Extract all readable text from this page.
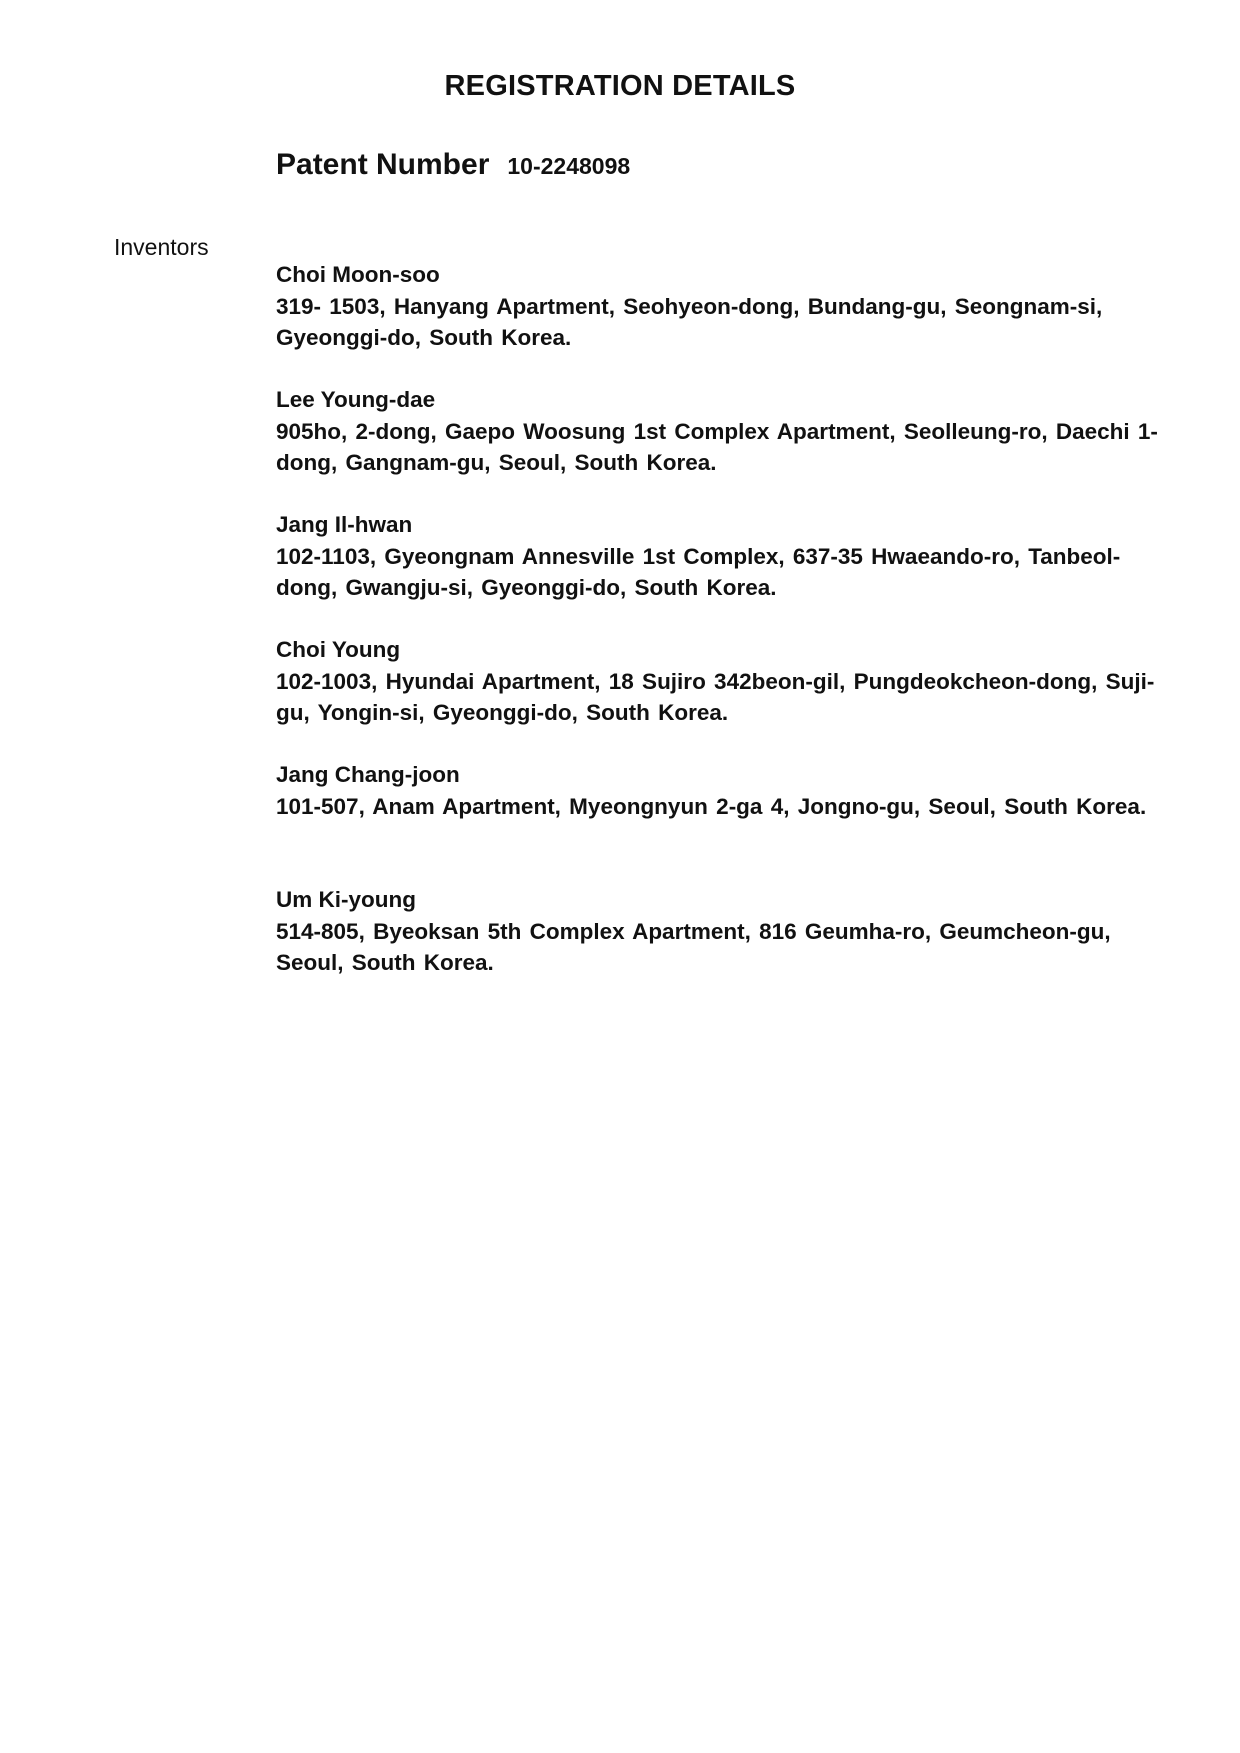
REGISTRATION DETAILS
Patent Number 10-2248098
Inventors

Choi Moon-soo

319- 1503, Hanyang Apartment, Seohyeon-dong, Bundang-gu, Seongnam-si, Gyeonggi-do, South Korea.

Lee Young-dae

905ho, 2-dong, Gaepo Woosung 1st Complex Apartment, Seolleung-ro, Daechi 1-dong, Gangnam-gu, Seoul, South Korea.

Jang Il-hwan

102-1103, Gyeongnam Annesville 1st Complex, 637-35 Hwaeando-ro, Tanbeol-dong, Gwangju-si, Gyeonggi-do, South Korea.

Choi Young

102-1003, Hyundai Apartment, 18 Sujiro 342beon-gil, Pungdeokcheon-dong, Suji-gu, Yongin-si, Gyeonggi-do, South Korea.

Jang Chang-joon

101-507, Anam Apartment, Myeongnyun 2-ga 4, Jongno-gu, Seoul, South Korea.

Um Ki-young

514-805, Byeoksan 5th Complex Apartment, 816 Geumha-ro, Geumcheon-gu, Seoul, South Korea.
